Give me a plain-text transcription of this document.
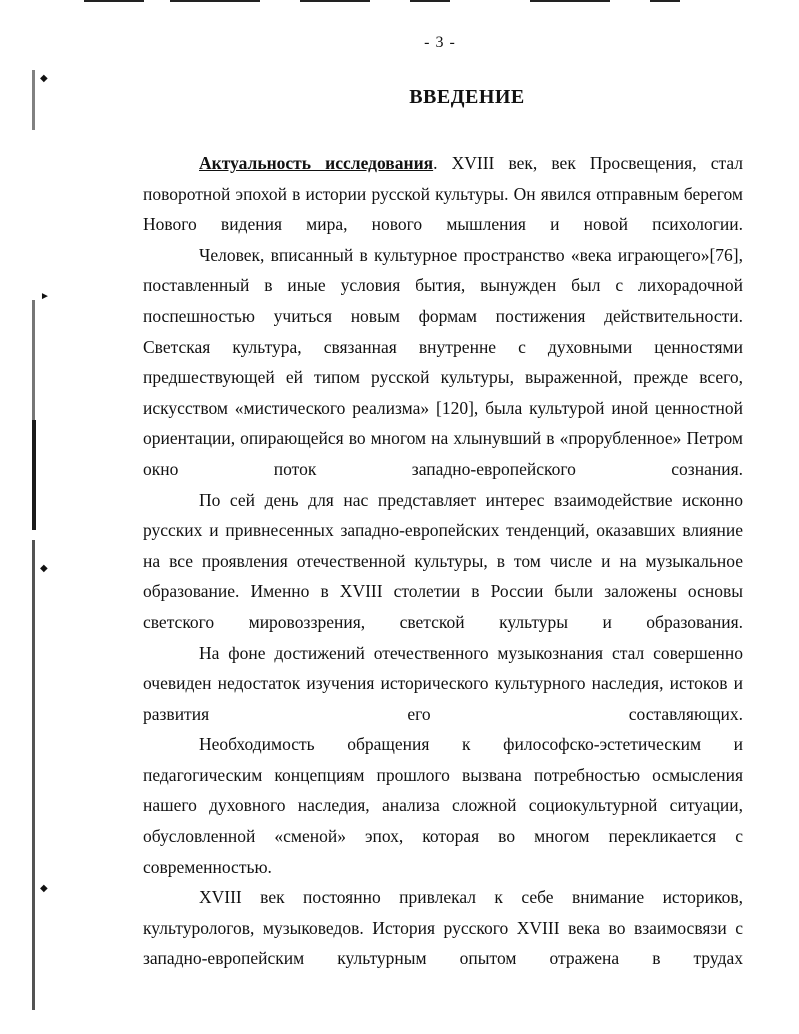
◆
►
◆
◆
- 3 -
ВВЕДЕНИЕ

Актуальность исследования. XVIII век, век Просвещения, стал поворотной эпохой в истории русской культуры. Он явился отправным берегом Нового видения мира, нового мышления и новой психологии.

Человек, вписанный в культурное пространство «века играющего»[76], поставленный в иные условия бытия, вынужден был с лихорадочной поспешностью учиться новым формам постижения действительности. Светская культура, связанная внутренне с духовными ценностями предшествующей ей типом русской культуры, выраженной, прежде всего, искусством «мистического реализма» [120], была культурой иной ценностной ориентации, опирающейся во многом на хлынувший в «прорубленное» Петром окно поток западно-европейского сознания.

По сей день для нас представляет интерес взаимодействие исконно русских и привнесенных западно-европейских тенденций, оказавших влияние на все проявления отечественной культуры, в том числе и на музыкальное образование. Именно в XVIII столетии в России были заложены основы светского мировоззрения, светской культуры и образования.

На фоне достижений отечественного музыкознания стал совершенно очевиден недостаток изучения исторического культурного наследия, истоков и развития его составляющих.

Необходимость обращения к философско-эстетическим и педагогическим концепциям прошлого вызвана потребностью осмысления нашего духовного наследия, анализа сложной социокультурной ситуации, обусловленной «сменой» эпох, которая во многом перекликается с современностью.

XVIII век постоянно привлекал к себе внимание историков, культурологов, музыковедов. История русского XVIII века во взаимосвязи с западно-европейским культурным опытом отражена в трудах
